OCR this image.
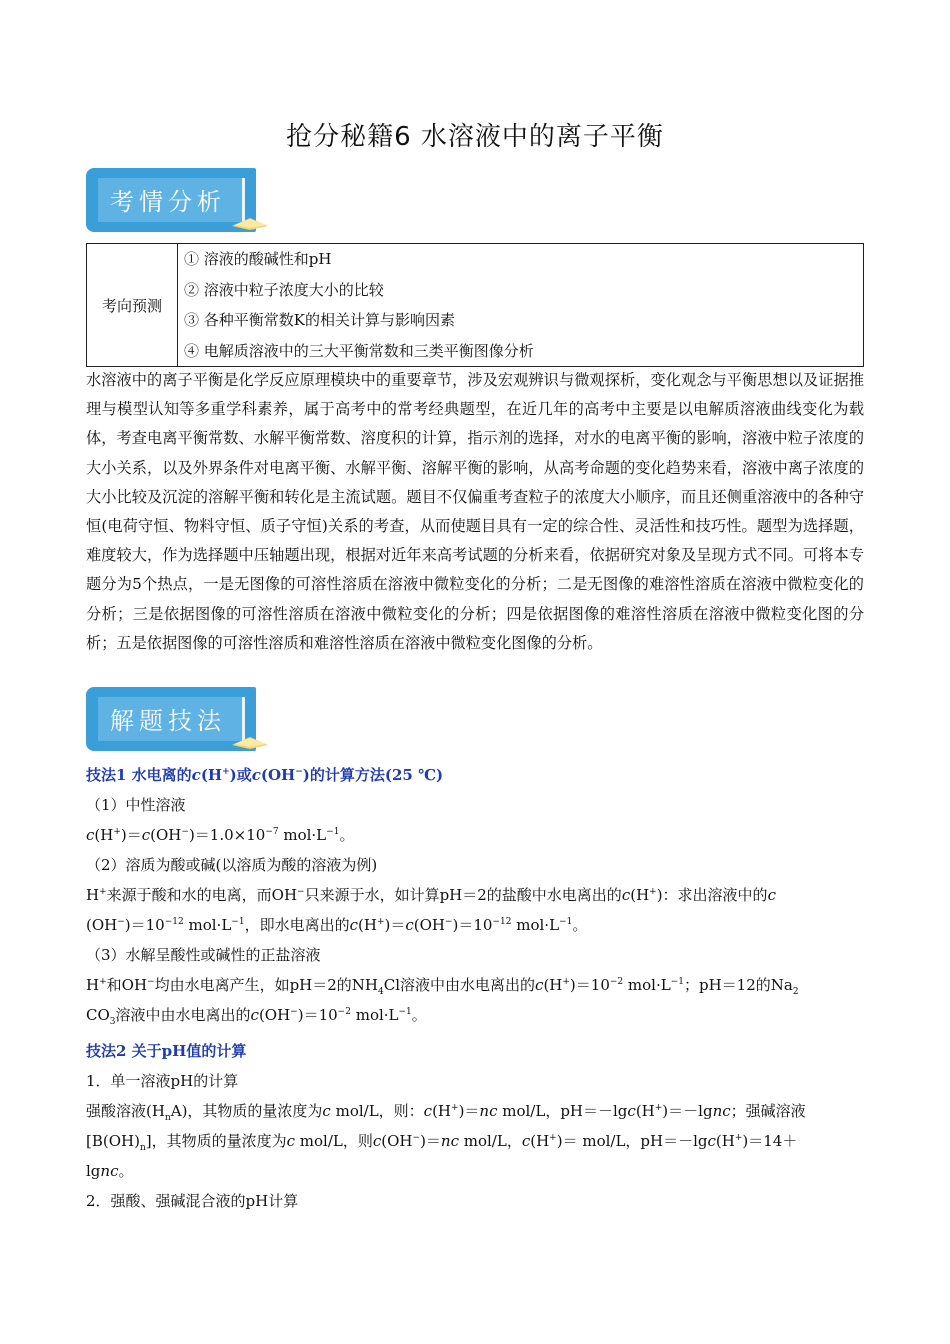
抢分秘籍6 水溶液中的离子平衡
考情分析
考向预测	
① 溶液的酸碱性和pH
② 溶液中粒子浓度大小的比较
③ 各种平衡常数K的相关计算与影响因素
④ 电解质溶液中的三大平衡常数和三类平衡图像分析
水溶液中的离子平衡是化学反应原理模块中的重要章节，涉及宏观辨识与微观探析，变化观念与平衡思想以及证据推理与模型认知等多重学科素养，属于高考中的常考经典题型，在近几年的高考中主要是以电解质溶液曲线变化为载体，考查电离平衡常数、水解平衡常数、溶度积的计算，指示剂的选择，对水的电离平衡的影响，溶液中粒子浓度的大小关系，以及外界条件对电离平衡、水解平衡、溶解平衡的影响，从高考命题的变化趋势来看，溶液中离子浓度的大小比较及沉淀的溶解平衡和转化是主流试题。题目不仅偏重考查粒子的浓度大小顺序，而且还侧重溶液中的各种守恒(电荷守恒、物料守恒、质子守恒)关系的考查，从而使题目具有一定的综合性、灵活性和技巧性。题型为选择题，难度较大，作为选择题中压轴题出现，根据对近年来高考试题的分析来看，依据研究对象及呈现方式不同。可将本专题分为5个热点，一是无图像的可溶性溶质在溶液中微粒变化的分析；二是无图像的难溶性溶质在溶液中微粒变化的分析；三是依据图像的可溶性溶质在溶液中微粒变化的分析；四是依据图像的难溶性溶质在溶液中微粒变化图的分析；五是依据图像的可溶性溶质和难溶性溶质在溶液中微粒变化图像的分析。
解题技法
技法1 水电离的c(H+)或c(OH−)的计算方法(25 ℃)
（1）中性溶液
$c(H^+)=c(OH^-)=1.0\times 10^{-7}$ $mol\cdot L^{-1}$。
（2）溶质为酸或碱(以溶质为酸的溶液为例)
H+来源于酸和水的电离，而OH−只来源于水，如计算pH＝2的盐酸中水电离出的c(H+)：求出溶液中的c
$(OH^-)=10^{-12}$ $mol\cdot L^{-1}$，即水电离出的$c(H^+)=c(OH^-)=10^{-12}$ $mol\cdot L^{-1}$。
（3）水解呈酸性或碱性的正盐溶液
H+和OH−均由水电离产生，如pH＝2的$NH_4Cl$溶液中由水电离出的$c(H^+)=10^{-2}$ $mol\cdot L^{-1}$；pH＝12的$Na_2$
$CO_3$溶液中由水电离出的$c(OH^-)=10^{-2}$ $mol\cdot L^{-1}$。
技法2 关于pH值的计算
1．单一溶液pH的计算
强酸溶液$(H_nA)$，其物质的量浓度为c mol/L，则：c(H+)＝nc mol/L，pH＝－lgc(H+)＝－lgnc；强碱溶液
$[B(OH)_n]$，其物质的量浓度为c mol/L，则c(OH−)＝nc mol/L，c(H+)＝ mol/L，pH＝－lgc(H+)＝14＋
lgnc。
2．强酸、强碱混合液的pH计算
